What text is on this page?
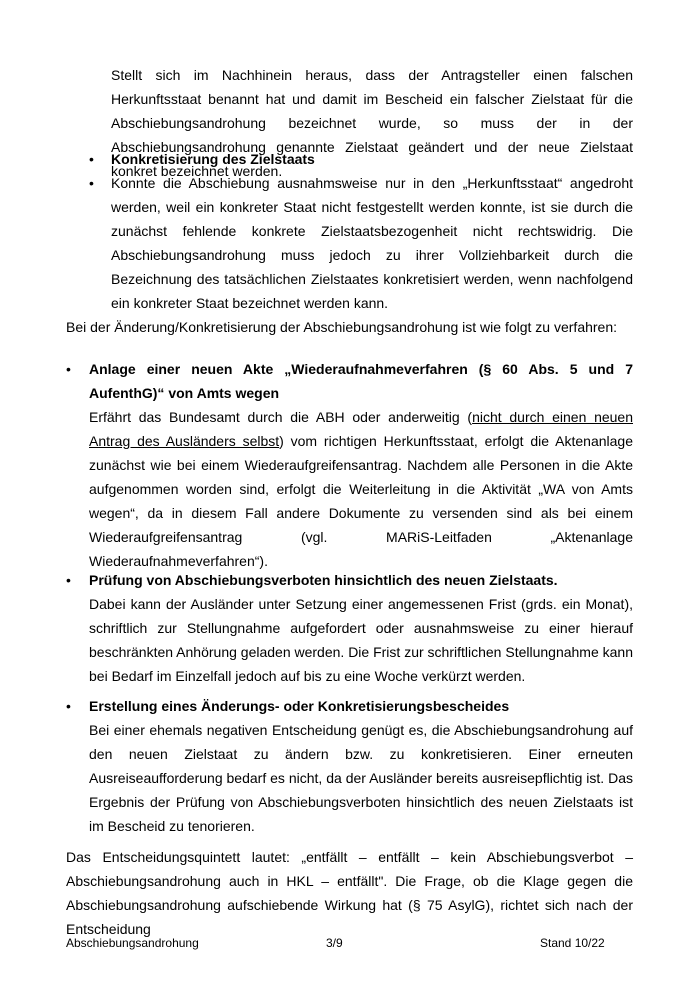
Stellt sich im Nachhinein heraus, dass der Antragsteller einen falschen Herkunftsstaat benannt hat und damit im Bescheid ein falscher Zielstaat für die Abschiebungsandrohung bezeichnet wurde, so muss der in der Abschiebungsandrohung genannte Zielstaat geändert und der neue Zielstaat konkret bezeichnet werden.

•	Konkretisierung des Zielstaats
•	Konnte die Abschiebung ausnahmsweise nur in den „Herkunftsstaat“ angedroht werden, weil ein konkreter Staat nicht festgestellt werden konnte, ist sie durch die zunächst fehlende konkrete Zielstaatsbezogenheit nicht rechtswidrig. Die Abschiebungsandrohung muss jedoch zu ihrer Vollziehbarkeit durch die Bezeichnung des tatsächlichen Zielstaates konkretisiert werden, wenn nachfolgend ein konkreter Staat bezeichnet werden kann.

Bei der Änderung/Konkretisierung der Abschiebungsandrohung ist wie folgt zu verfahren:

•	Anlage einer neuen Akte „Wiederaufnahmeverfahren (§ 60 Abs. 5 und 7 AufenthG)“ von Amts wegen

Erfährt das Bundesamt durch die ABH oder anderweitig (nicht durch einen neuen Antrag des Ausländers selbst) vom richtigen Herkunftsstaat, erfolgt die Aktenanlage zunächst wie bei einem Wiederaufgreifensantrag. Nachdem alle Personen in die Akte aufgenommen worden sind, erfolgt die Weiterleitung in die Aktivität „WA von Amts wegen“, da in diesem Fall andere Dokumente zu versenden sind als bei einem Wiederaufgreifensantrag (vgl. MARiS-Leitfaden „Aktenanlage Wiederaufnahmeverfahren“).

•	Prüfung von Abschiebungsverboten hinsichtlich des neuen Zielstaats.

Dabei kann der Ausländer unter Setzung einer angemessenen Frist (grds. ein Monat), schriftlich zur Stellungnahme aufgefordert oder ausnahmsweise zu einer hierauf beschränkten Anhörung geladen werden. Die Frist zur schriftlichen Stellungnahme kann bei Bedarf im Einzelfall jedoch auf bis zu eine Woche verkürzt werden.

•	Erstellung eines Änderungs- oder Konkretisierungsbescheides

Bei einer ehemals negativen Entscheidung genügt es, die Abschiebungsandrohung auf den neuen Zielstaat zu ändern bzw. zu konkretisieren. Einer erneuten Ausreiseaufforderung bedarf es nicht, da der Ausländer bereits ausreisepflichtig ist. Das Ergebnis der Prüfung von Abschiebungsverboten hinsichtlich des neuen Zielstaats ist im Bescheid zu tenorieren.

Das Entscheidungsquintett lautet: „entfällt – entfällt – kein Abschiebungsverbot – Abschiebungsandrohung auch in HKL – entfällt". Die Frage, ob die Klage gegen die Abschiebungsandrohung aufschiebende Wirkung hat (§ 75 AsylG), richtet sich nach der Entscheidung

Abschiebungsandrohung	3/9	Stand 10/22
